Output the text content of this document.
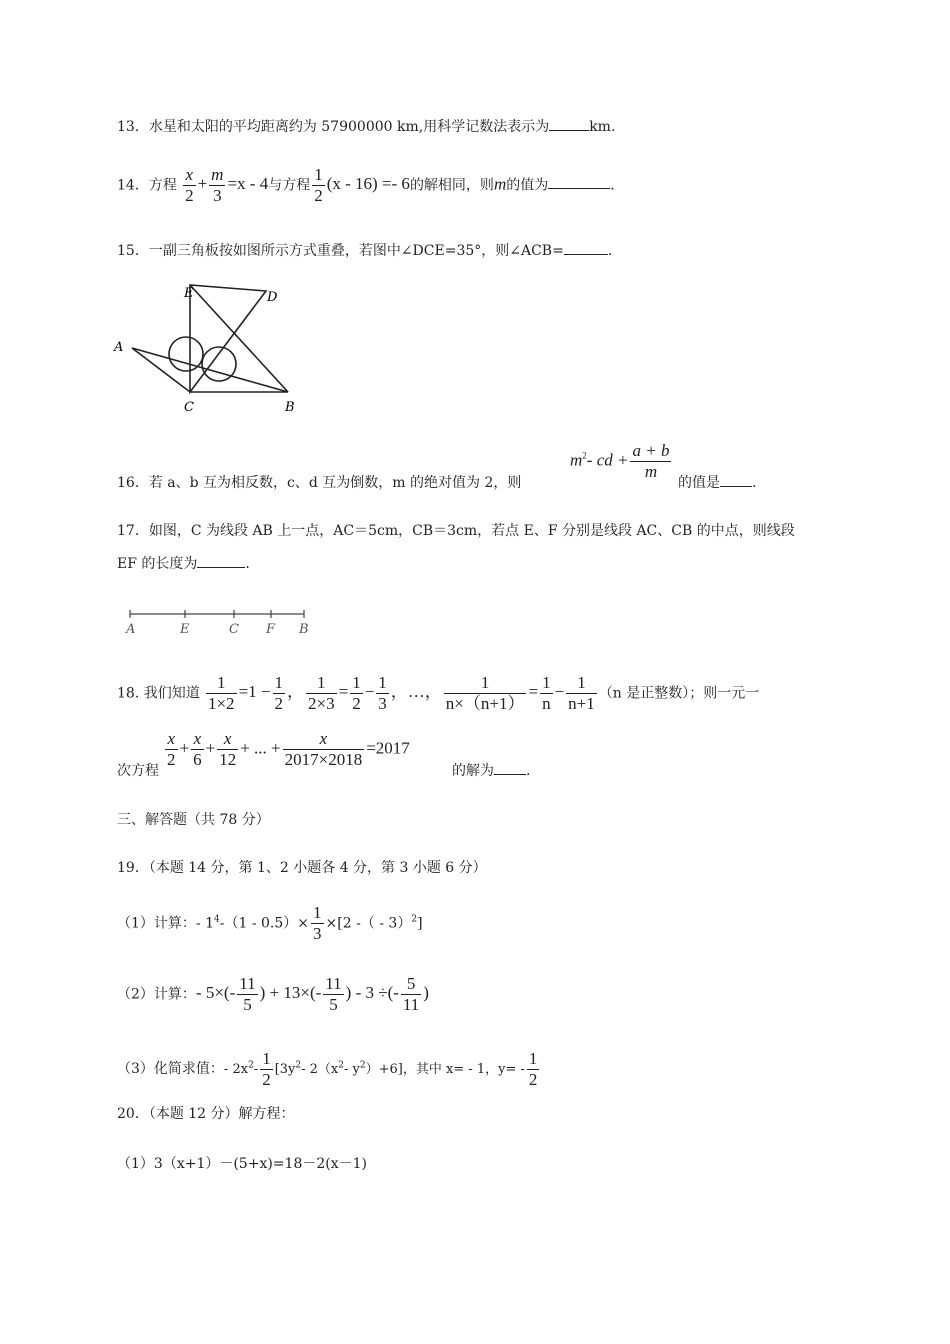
13．水星和太阳的平均距离约为 57900000 km,用科学记数法表示为	km.
14．方程 $\frac{x}{2} + \frac{m}{3} =x - 4$与方程 $\frac{1}{2} (x - 16) =- 6$的解相同，则m的值为	.
15．一副三角板按如图所示方式重叠，若图中∠DCE=35°，则∠ACB=	.
A
E	D
C	B
16．若 a、b 互为相反数，c、d 互为倒数，m 的绝对值为 2，则
$m^2-$ cd + $\frac{a + b}{m}$
的值是 .
17．如图，C 为线段 AB 上一点，AC＝5cm，CB＝3cm，若点 E、F 分别是线段 AC、CB 的中点，则线段
EF 的长度为	.
A	E	C F B
18. 我们知道 $\frac{1}{1\times 2} =1 - \frac{1}{2}$ ， $\frac{1}{2\times 3} = \frac{1}{2} - \frac{1}{3}$ ，…， $\frac{1}{n\times(n+1)} = \frac{1}{n} - \frac{1}{n+1} (n$ 是正整数）；则一元一
次方程
$\frac{x}{2} + \frac{x}{6} + \frac{x}{12}$ + ... + $\frac{x}{2017\times 2018} =2017$
的解为 .
三、解答题（共 78 分）
19．（本题 14 分，第 1、2 小题各 4 分，第 3 小题 6 分）
（1）计算：- $1^4-(1 - 0.5)\times \frac{1}{3} \times[2$ -（ - 3）$^2$]
（2）计算：- $5\times(- \frac{11}{5}$ ) + $13\times(- \frac{11}{5}$ ) - 3 ÷(- $\frac{5}{11}$ )
（3）化简求值：- $2x^2- \frac{1}{2} [3y^2-$ $2(x^2-$ $y^2)+6$]，其中 x= - 1，$y= - \frac{1}{2}$
20．（本题 12 分）解方程：
（1）3（x+1）－(5+x)=18－2(x－1)
